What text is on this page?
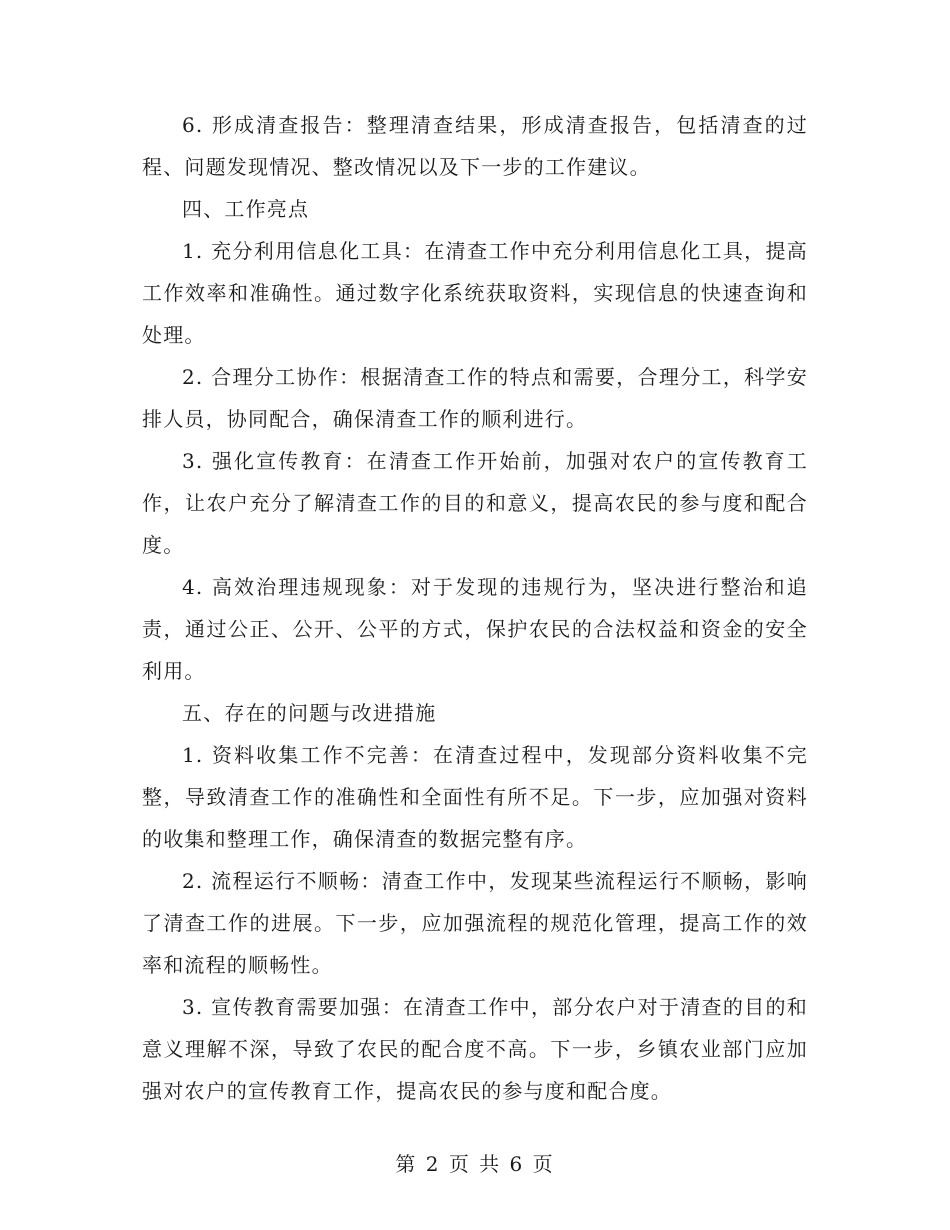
6. 形成清查报告：整理清查结果，形成清查报告，包括清查的过程、问题发现情况、整改情况以及下一步的工作建议。

四、工作亮点

1. 充分利用信息化工具：在清查工作中充分利用信息化工具，提高工作效率和准确性。通过数字化系统获取资料，实现信息的快速查询和处理。

2. 合理分工协作：根据清查工作的特点和需要，合理分工，科学安排人员，协同配合，确保清查工作的顺利进行。

3. 强化宣传教育：在清查工作开始前，加强对农户的宣传教育工作，让农户充分了解清查工作的目的和意义，提高农民的参与度和配合度。

4. 高效治理违规现象：对于发现的违规行为，坚决进行整治和追责，通过公正、公开、公平的方式，保护农民的合法权益和资金的安全利用。

五、存在的问题与改进措施

1. 资料收集工作不完善：在清查过程中，发现部分资料收集不完整，导致清查工作的准确性和全面性有所不足。下一步，应加强对资料的收集和整理工作，确保清查的数据完整有序。

2. 流程运行不顺畅：清查工作中，发现某些流程运行不顺畅，影响了清查工作的进展。下一步，应加强流程的规范化管理，提高工作的效率和流程的顺畅性。

3. 宣传教育需要加强：在清查工作中，部分农户对于清查的目的和意义理解不深，导致了农民的配合度不高。下一步，乡镇农业部门应加强对农户的宣传教育工作，提高农民的参与度和配合度。

第 2 页 共 6 页
